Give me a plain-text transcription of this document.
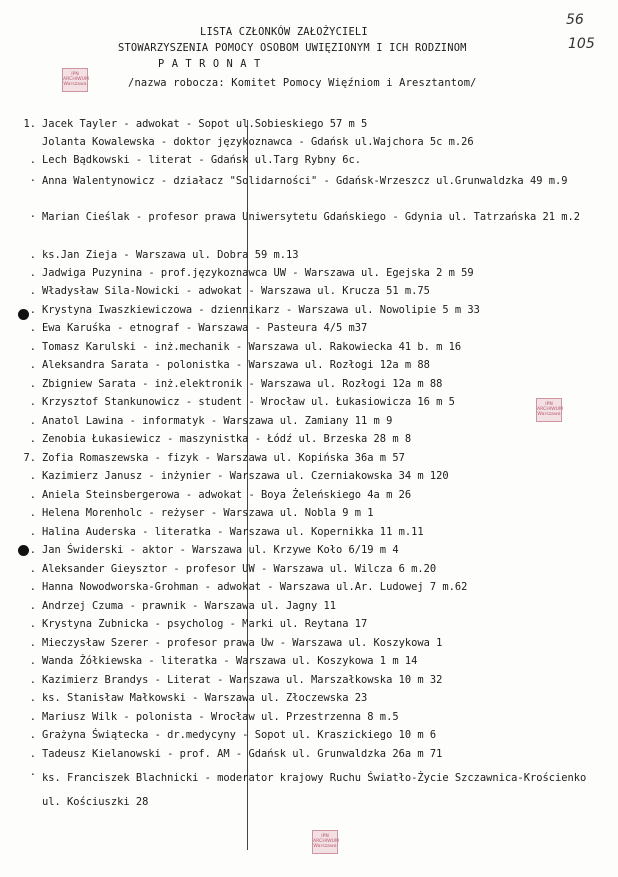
LISTA CZŁONKÓW ZAŁOŻYCIELI
STOWARZYSZENIA POMOCY OSOBOM UWIĘZIONYM I ICH RODZINOM
P A T R O N A T
/nazwa robocza: Komitet Pomocy Więźniom i Aresztantom/
56
105
IPN ARCHIWUM Warszawa
IPN ARCHIWUM Warszawa
IPN ARCHIWUM Warszawa
1. Jacek Tayler - adwokat - Sopot ul.Sobieskiego 57 m 5
Jolanta Kowalewska - doktor językoznawca - Gdańsk ul.Wajchora 5c m.26
. Lech Bądkowski - literat - Gdańsk ul.Targ Rybny 6c.
. Anna Walentynowicz - działacz "Solidarności" - Gdańsk-Wrzeszcz ul.Grunwaldzka 49 m.9
. Marian Cieślak - profesor prawa Uniwersytetu Gdańskiego - Gdynia ul. Tatrzańska 21 m.2
. ks.Jan Zieja - Warszawa ul. Dobra 59 m.13
. Jadwiga Puzynina - prof.językoznawca UW - Warszawa ul. Egejska 2 m 59
. Władysław Sila-Nowicki - adwokat - Warszawa ul. Krucza 51 m.75
. Krystyna Iwaszkiewiczowa - dziennikarz - Warszawa ul. Nowolipie 5 m 33
. Ewa Karuśka - etnograf - Warszawa - Pasteura 4/5 m37
. Tomasz Karulski - inż.mechanik - Warszawa ul. Rakowiecka 41 b. m 16
. Aleksandra Sarata - polonistka - Warszawa ul. Rozłogi 12a m 88
. Zbigniew Sarata - inż.elektronik - Warszawa ul. Rozłogi 12a m 88
. Krzysztof Stankunowicz - student - Wrocław ul. Łukasiowicza 16 m 5
. Anatol Lawina - informatyk - Warszawa ul. Zamiany 11 m 9
. Zenobia Łukasiewicz - maszynistka - Łódź ul. Brzeska 28 m 8
7. Zofia Romaszewska - fizyk - Warszawa ul. Kopińska 36a m 57
. Kazimierz Janusz - inżynier - Warszawa ul. Czerniakowska 34 m 120
. Aniela Steinsbergerowa - adwokat - Boya Żeleńskiego 4a m 26
. Helena Morenholc - reżyser - Warszawa ul. Nobla 9 m 1
. Halina Auderska - literatka - Warszawa ul. Kopernikka 11 m.11
. Jan Świderski - aktor - Warszawa ul. Krzywe Koło 6/19 m 4
. Aleksander Gieysztor - profesor UW - Warszawa ul. Wilcza 6 m.20
. Hanna Nowodworska-Grohman - adwokat - Warszawa ul.Ar. Ludowej 7 m.62
. Andrzej Czuma - prawnik - Warszawa ul. Jagny 11
. Krystyna Zubnicka - psycholog - Marki ul. Reytana 17
. Mieczysław Szerer - profesor prawa Uw - Warszawa ul. Koszykowa 1
. Wanda Żółkiewska - literatka - Warszawa ul. Koszykowa 1 m 14
. Kazimierz Brandys - Literat - Warszawa ul. Marszałkowska 10 m 32
. ks. Stanisław Małkowski - Warszawa ul. Złoczewska 23
. Mariusz Wilk - polonista - Wrocław ul. Przestrzenna 8 m.5
. Grażyna Świątecka - dr.medycyny - Sopot ul. Kraszickiego 10 m 6
. Tadeusz Kielanowski - prof. AM - Gdańsk ul. Grunwaldzka 26a m 71
. ks. Franciszek Blachnicki - moderator krajowy Ruchu Światło-Życie Szczawnica-Krościenko ul. Kościuszki 28
